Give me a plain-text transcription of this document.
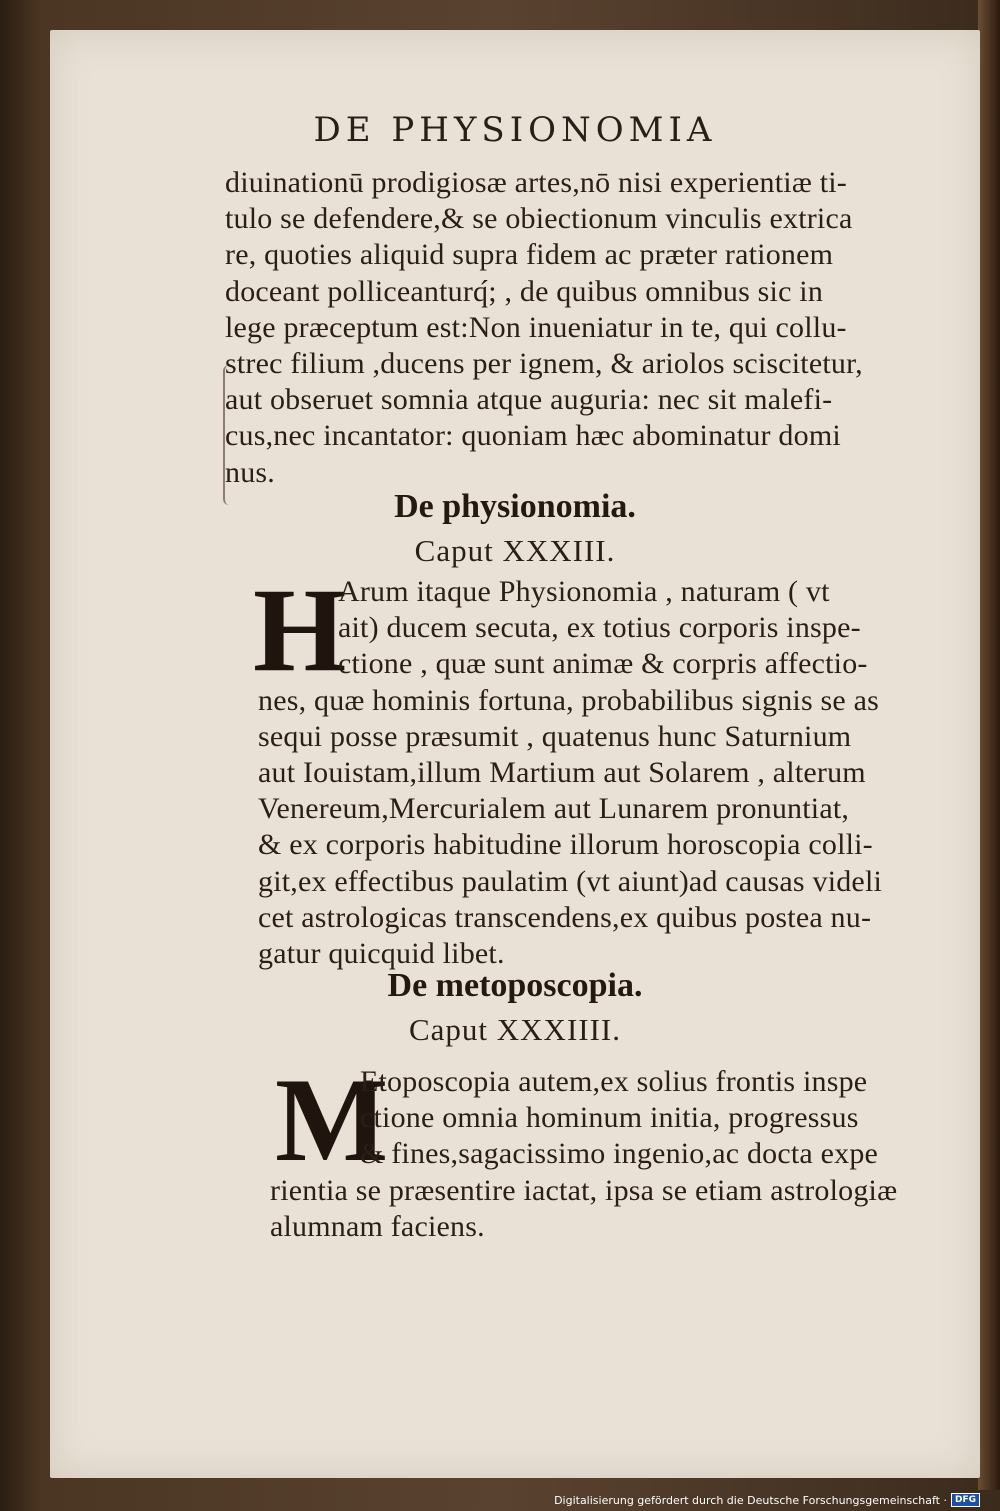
DE PHYSIONOMIA
diuinationū prodigiosæ artes,nō nisi experientiæ ti-
tulo se defendere,& se obiectionum vinculis extrica
re, quoties aliquid supra fidem ac præter rationem
doceant polliceanturq́; , de quibus omnibus sic in
lege præceptum est:Non inueniatur in te, qui collu-
strec filium ,ducens per ignem, & ariolos sciscitetur,
aut obseruet somnia atque auguria: nec sit malefi-
cus,nec incantator: quoniam hæc abominatur domi
nus.
De physionomia.
Caput XXXIII.
H
Arum itaque Physionomia , naturam ( vt
ait) ducem secuta, ex totius corporis inspe-
ctione , quæ sunt animæ & corpris affectio-
nes, quæ hominis fortuna, probabilibus signis se as
sequi posse præsumit , quatenus hunc Saturnium
aut Iouistam,illum Martium aut Solarem , alterum
Venereum,Mercurialem aut Lunarem pronuntiat,
& ex corporis habitudine illorum horoscopia colli-
git,ex effectibus paulatim (vt aiunt)ad causas videli
cet astrologicas transcendens,ex quibus postea nu-
gatur quicquid libet.
De metoposcopia.
Caput XXXIIII.
M
Etoposcopia autem,ex solius frontis inspe
ctione omnia hominum initia, progressus
& fines,sagacissimo ingenio,ac docta expe
rientia se præsentire iactat, ipsa se etiam astrologiæ
alumnam faciens.
Digitalisierung gefördert durch die Deutsche Forschungsgemeinschaft · DFG
